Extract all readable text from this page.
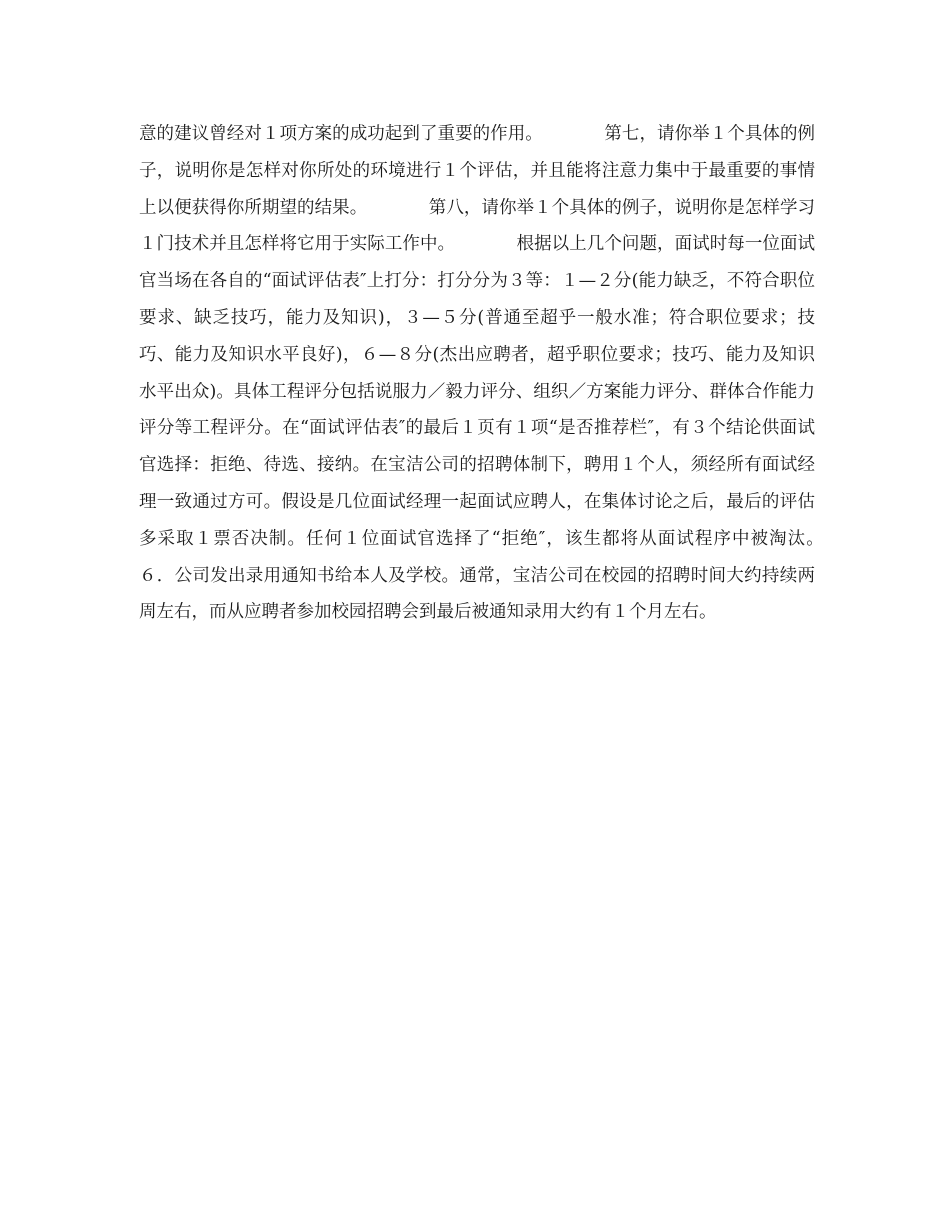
意的建议曾经对１项方案的成功起到了重要的作用。　　　　第七，请你举１个具体的例子，说明你是怎样对你所处的环境进行１个评估，并且能将注意力集中于最重要的事情上以便获得你所期望的结果。　　　　第八，请你举１个具体的例子，说明你是怎样学习１门技术并且怎样将它用于实际工作中。　　　　根据以上几个问题，面试时每一位面试官当场在各自的“面试评估表″上打分：打分分为３等：１—２分(能力缺乏，不符合职位要求、缺乏技巧，能力及知识)，３—５分(普通至超乎一般水准；符合职位要求；技巧、能力及知识水平良好)，６—８分(杰出应聘者，超乎职位要求；技巧、能力及知识水平出众)。具体工程评分包括说服力／毅力评分、组织／方案能力评分、群体合作能力评分等工程评分。在“面试评估表″的最后１页有１项“是否推荐栏″，有３个结论供面试官选择：拒绝、待选、接纳。在宝洁公司的招聘体制下，聘用１个人，须经所有面试经理一致通过方可。假设是几位面试经理一起面试应聘人，在集体讨论之后，最后的评估多采取１票否决制。任何１位面试官选择了“拒绝″，该生都将从面试程序中被淘汰。　　　　６．公司发出录用通知书给本人及学校。通常，宝洁公司在校园的招聘时间大约持续两周左右，而从应聘者参加校园招聘会到最后被通知录用大约有１个月左右。
